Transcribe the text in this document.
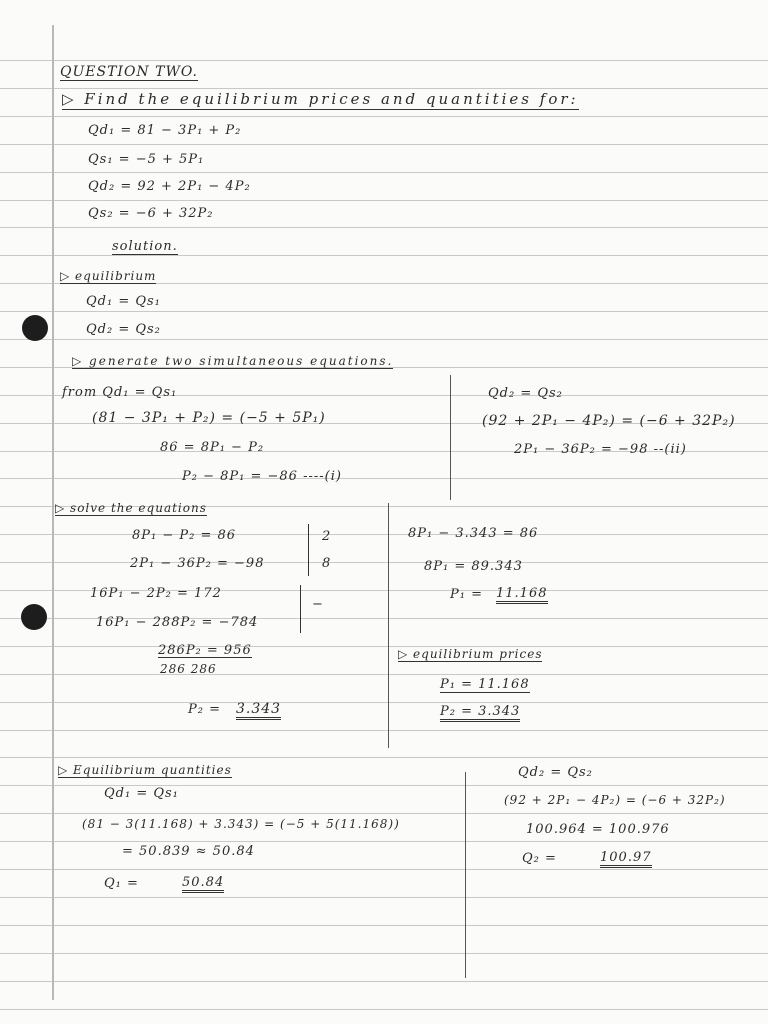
QUESTION TWO.
▷ Find the equilibrium prices and quantities for:
Qd₁ = 81 − 3P₁ + P₂
Qs₁ = −5 + 5P₁
Qd₂ = 92 + 2P₁ − 4P₂
Qs₂ = −6 + 32P₂
solution.
▷ equilibrium
Qd₁ = Qs₁
Qd₂ = Qs₂
▷ generate two simultaneous equations.
from Qd₁ = Qs₁
(81 − 3P₁ + P₂) = (−5 + 5P₁)
86 = 8P₁ − P₂
P₂ − 8P₁ = −86 ----(i)
Qd₂ = Qs₂
(92 + 2P₁ − 4P₂) = (−6 + 32P₂)
2P₁ − 36P₂ = −98 --(ii)
▷ solve the equations
8P₁ − P₂ = 86
2P₁ − 36P₂ = −98
2
8
16P₁ − 2P₂ = 172
16P₁ − 288P₂ = −784
−
286P₂ = 956
286 286
P₂ = 3.343
8P₁ − 3.343 = 86
8P₁ = 89.343
P₁ = 11.168
▷ equilibrium prices
P₁ = 11.168
P₂ = 3.343
▷ Equilibrium quantities
Qd₁ = Qs₁
(81 − 3(11.168) + 3.343) = (−5 + 5(11.168))
= 50.839 ≈ 50.84
Q₁ =	50.84
Qd₂ = Qs₂
(92 + 2P₁ − 4P₂) = (−6 + 32P₂)
100.964 = 100.976
Q₂ =	100.97
